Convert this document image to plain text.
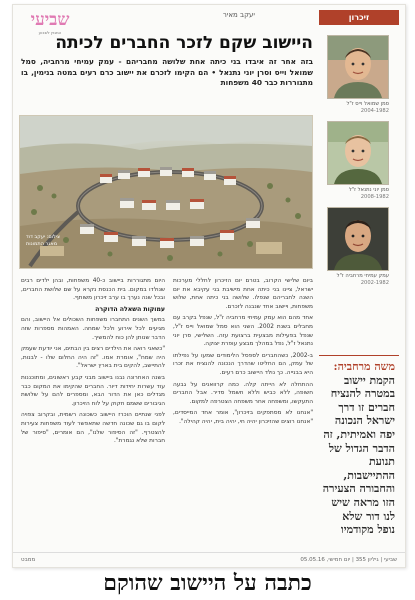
זיכרון
יעקב מאיר
שביעי
המגזין לשבוע
היישוב שקם לזכר החברים לכיתה

בזה אחר זה איבדו בני כיתה אחת שלושה מחבריהם - עמק עמיחי מרחביה, סמל שמואל וייס וסרן יוני נתנאל • הם הקימו לזכרם את יישוב כרם רעים במטה בנימין, בו מתגוררות כבר 40 משפחות

צילום: יעקב דוד
מאגר התמונות

ביום שלישי הקרוב, בטרם יום הזיכרון לחללי מערכות ישראל, ציינו בני כיתה אחת מישיבת בני עקיבא את יום השנה לחבריהם שנפלו. שלושה בני כיתה אחת, שלוש משפחות, ויישוב אחד שנבנה לזכרם.

אחד מהם הוא עמק עמיחי מרחביה ז"ל, שנפל בקרב עם מחבלים בשנת 2002. השני הוא סמל שמואל וייס ז"ל, שנפל בפעילות מבצעית ברצועת עזה. השלישי, סרן יוני נתנאל ז"ל, נפל במהלך מבצע עופרת יצוקה.

ב-2002, כשהחברים לספסל הלימודים שמעו על נפילתו של עמק, הם החליטו שהדרך הנכונה להנציח את זכרו היא בבנייה. כך נולד היישוב כרם רעים.

ההתחלה לא הייתה קלה. כמה קרוואנים על גבעה חשופה, ללא כביש וללא חשמל סדיר. אבל החברים התעקשו, ומשפחה אחר משפחה הצטרפה למקום.

"אנחנו לא מסתפקים בזיכרון", אומר אחד המייסדים, "אנחנו רוצים שהזיכרון יהיה חי, יהיה בית, יהיה קהילה".

היום מתגוררות ביישוב כ-40 משפחות, ובהן ילדים רבים שנולדו במקום. בית הכנסת נקרא על שם שלושת החברים, ובכל שנה נערך בו ערב זיכרון משותף.

עמוקות השאלה הדוקרה

במשך השנים התחברו משפחות השכולים אל היישוב, והם מגיעים לכל אירוע ולכל שמחה. האמהות מספרות שזה הדבר שנותן להן כוח להמשיך.

"כשאני רואה את הילדים רצים בין הבתים, אני יודעת שעמק היה שמח", אומרת אמו. "זה היה החלום שלו - לבנות, להתיישב, להקים בית בארץ ישראל".

בשנה האחרונה נבנו ביישוב מבני קבע ראשונים, ומתוכננות עוד עשרות יחידות דיור. החברים שהקימו את המקום כבר מגדלים כאן את הדור הבא, ומספרים להם על שלושת הגיבורים ששמם חקוק על לוח הזיכרון.

לפני שנתיים הוכרז היישוב כשכונה רשמית, ובקרוב צפויה לקום בו גם שכונה חדשה שתאפשר לעוד משפחות צעירות להצטרף. "זה הסיפור שלנו", הם אומרים, "סיפור של חברות שלא נגמרת".

סמן שמואל וייס ז"ל
2004-1982
סמן יוני נתנאל ז"ל
2008-1982
עמק עמיחי מרחביה ז"ל
2002-1982
משה מרחביה: הקמת יישוב במטרה להנציח חברים זו דרך ישראל הנכונה יפה ואמיתית, זה הדבר הגדול של תנועת ההתיישבות, והחבורה הצעירה הזו מראה שיש לנו דור שלא נופל מקודמיו
שביעי | גיליון 355 | יום חמישי, 05.05.16
ממבט
כתבה על היישוב שהוקם
